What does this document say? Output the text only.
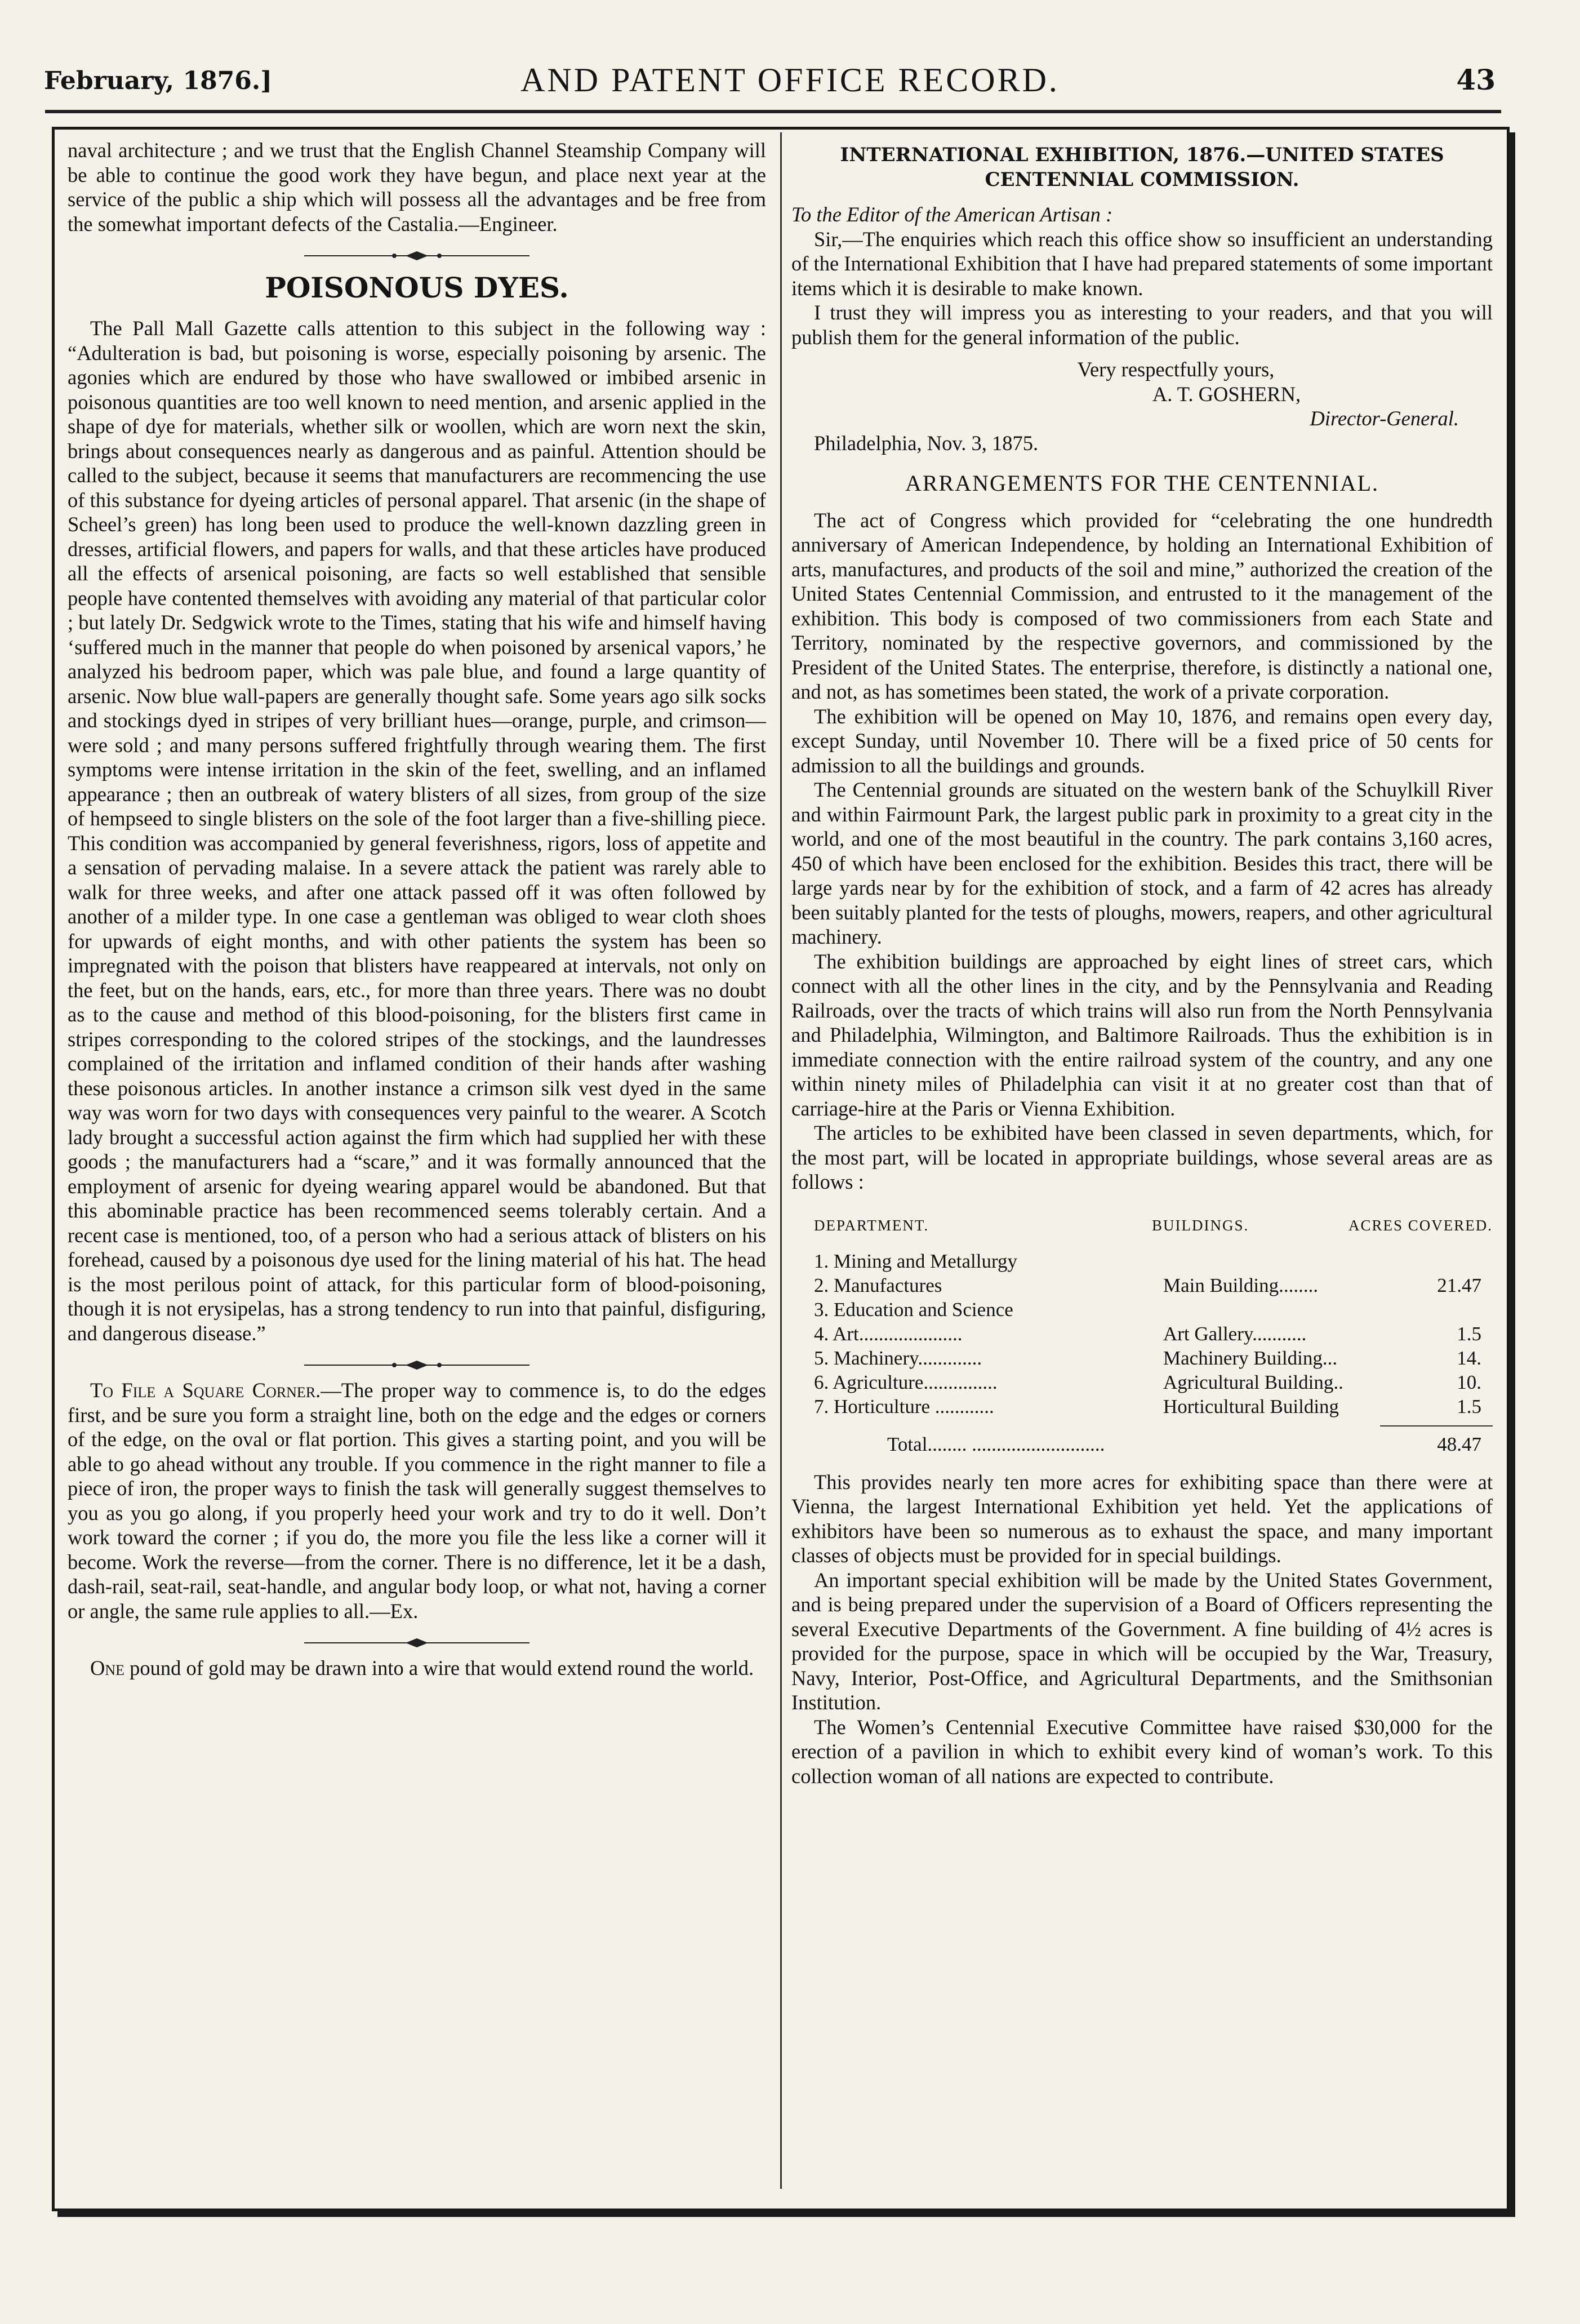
February, 1876.]	AND PATENT OFFICE RECORD.	43

naval architecture ; and we trust that the English Channel Steamship Company will be able to continue the good work they have begun, and place next year at the service of the public a ship which will possess all the advantages and be free from the somewhat important defects of the Castalia.—Engineer.

POISONOUS DYES.

The Pall Mall Gazette calls attention to this subject in the following way : “Adulteration is bad, but poisoning is worse, especially poisoning by arsenic. The agonies which are endured by those who have swallowed or imbibed arsenic in poisonous quantities are too well known to need mention, and arsenic applied in the shape of dye for materials, whether silk or woollen, which are worn next the skin, brings about consequences nearly as dangerous and as painful. Attention should be called to the subject, because it seems that manufacturers are recommencing the use of this substance for dyeing articles of personal apparel. That arsenic (in the shape of Scheel’s green) has long been used to produce the well-known dazzling green in dresses, artificial flowers, and papers for walls, and that these articles have produced all the effects of arsenical poisoning, are facts so well established that sensible people have contented themselves with avoiding any material of that particular color ; but lately Dr. Sedgwick wrote to the Times, stating that his wife and himself having ‘suffered much in the manner that people do when poisoned by arsenical vapors,’ he analyzed his bedroom paper, which was pale blue, and found a large quantity of arsenic. Now blue wall-papers are generally thought safe. Some years ago silk socks and stockings dyed in stripes of very brilliant hues—orange, purple, and crimson—were sold ; and many persons suffered frightfully through wearing them. The first symptoms were intense irritation in the skin of the feet, swelling, and an inflamed appearance ; then an outbreak of watery blisters of all sizes, from group of the size of hempseed to single blisters on the sole of the foot larger than a five-shilling piece. This condition was accompanied by general feverishness, rigors, loss of appetite and a sensation of pervading malaise. In a severe attack the patient was rarely able to walk for three weeks, and after one attack passed off it was often followed by another of a milder type. In one case a gentleman was obliged to wear cloth shoes for upwards of eight months, and with other patients the system has been so impregnated with the poison that blisters have reappeared at intervals, not only on the feet, but on the hands, ears, etc., for more than three years. There was no doubt as to the cause and method of this blood-poisoning, for the blisters first came in stripes corresponding to the colored stripes of the stockings, and the laundresses complained of the irritation and inflamed condition of their hands after washing these poisonous articles. In another instance a crimson silk vest dyed in the same way was worn for two days with consequences very painful to the wearer. A Scotch lady brought a successful action against the firm which had supplied her with these goods ; the manufacturers had a “scare,” and it was formally announced that the employment of arsenic for dyeing wearing apparel would be abandoned. But that this abominable practice has been recommenced seems tolerably certain. And a recent case is mentioned, too, of a person who had a serious attack of blisters on his forehead, caused by a poisonous dye used for the lining material of his hat. The head is the most perilous point of attack, for this particular form of blood-poisoning, though it is not erysipelas, has a strong tendency to run into that painful, disfiguring, and dangerous disease.”

To File a Square Corner.—The proper way to commence is, to do the edges first, and be sure you form a straight line, both on the edge and the edges or corners of the edge, on the oval or flat portion. This gives a starting point, and you will be able to go ahead without any trouble. If you commence in the right manner to file a piece of iron, the proper ways to finish the task will generally suggest themselves to you as you go along, if you properly heed your work and try to do it well. Don’t work toward the corner ; if you do, the more you file the less like a corner will it become. Work the reverse—from the corner. There is no difference, let it be a dash, dash-rail, seat-rail, seat-handle, and angular body loop, or what not, having a corner or angle, the same rule applies to all.—Ex.

One pound of gold may be drawn into a wire that would extend round the world.

INTERNATIONAL EXHIBITION, 1876.—UNITED STATES CENTENNIAL COMMISSION.

To the Editor of the American Artisan :

Sir,—The enquiries which reach this office show so insufficient an understanding of the International Exhibition that I have had prepared statements of some important items which it is desirable to make known.

I trust they will impress you as interesting to your readers, and that you will publish them for the general information of the public.

Very respectfully yours,
A. T. GOSHERN,
Director-General.
Philadelphia, Nov. 3, 1875.
ARRANGEMENTS FOR THE CENTENNIAL.

The act of Congress which provided for “celebrating the one hundredth anniversary of American Independence, by holding an International Exhibition of arts, manufactures, and products of the soil and mine,” authorized the creation of the United States Centennial Commission, and entrusted to it the management of the exhibition. This body is composed of two commissioners from each State and Territory, nominated by the respective governors, and commissioned by the President of the United States. The enterprise, therefore, is distinctly a national one, and not, as has sometimes been stated, the work of a private corporation.

The exhibition will be opened on May 10, 1876, and remains open every day, except Sunday, until November 10. There will be a fixed price of 50 cents for admission to all the buildings and grounds.

The Centennial grounds are situated on the western bank of the Schuylkill River and within Fairmount Park, the largest public park in proximity to a great city in the world, and one of the most beautiful in the country. The park contains 3,160 acres, 450 of which have been enclosed for the exhibition. Besides this tract, there will be large yards near by for the exhibition of stock, and a farm of 42 acres has already been suitably planted for the tests of ploughs, mowers, reapers, and other agricultural machinery.

The exhibition buildings are approached by eight lines of street cars, which connect with all the other lines in the city, and by the Pennsylvania and Reading Railroads, over the tracts of which trains will also run from the North Pennsylvania and Philadelphia, Wilmington, and Baltimore Railroads. Thus the exhibition is in immediate connection with the entire railroad system of the country, and any one within ninety miles of Philadelphia can visit it at no greater cost than that of carriage-hire at the Paris or Vienna Exhibition.

The articles to be exhibited have been classed in seven departments, which, for the most part, will be located in appropriate buildings, whose several areas are as follows :

DEPARTMENT.	BUILDINGS.	ACRES COVERED.
1. Mining and Metallurgy
2. Manufactures	Main Building........	21.47
3. Education and Science
4. Art.....................	Art Gallery...........	1.5
5. Machinery.............	Machinery Building...	14.
6. Agriculture...............	Agricultural Building..	10.
7. Horticulture ............	Horticultural Building	1.5
Total........ ...........................	48.47

This provides nearly ten more acres for exhibiting space than there were at Vienna, the largest International Exhibition yet held. Yet the applications of exhibitors have been so numerous as to exhaust the space, and many important classes of objects must be provided for in special buildings.

An important special exhibition will be made by the United States Government, and is being prepared under the supervision of a Board of Officers representing the several Executive Departments of the Government. A fine building of 4½ acres is provided for the purpose, space in which will be occupied by the War, Treasury, Navy, Interior, Post-Office, and Agricultural Departments, and the Smithsonian Institution.

The Women’s Centennial Executive Committee have raised $30,000 for the erection of a pavilion in which to exhibit every kind of woman’s work. To this collection woman of all nations are expected to contribute.
